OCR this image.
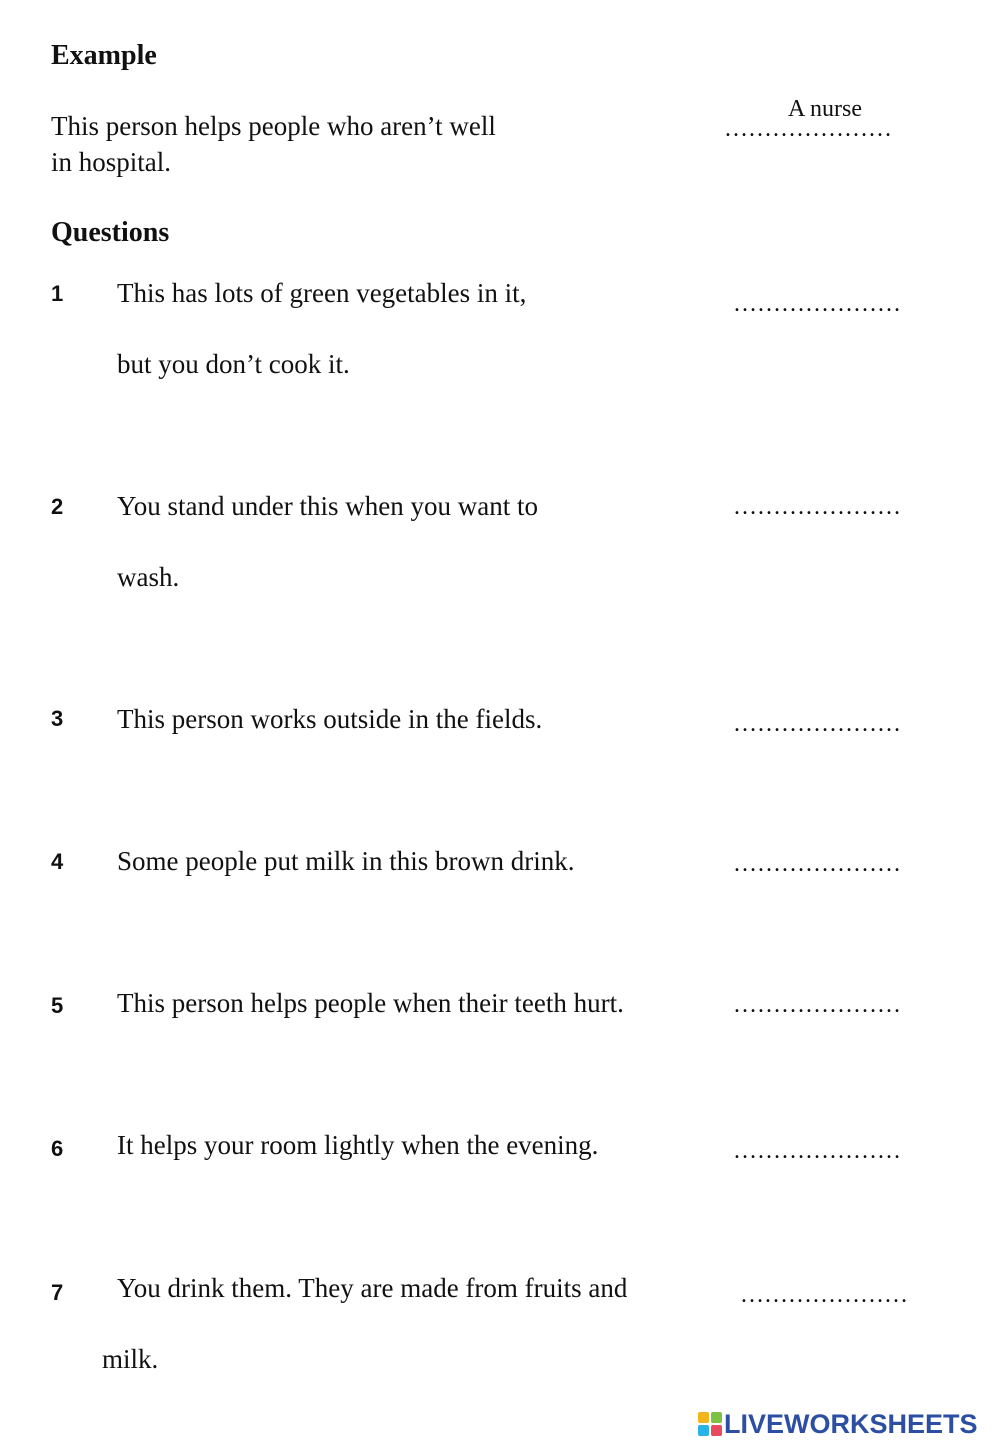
Example
This person helps people who aren’t well
in hospital.
A nurse
…………………
Questions
1 This has lots of green vegetables in it,
but you don’t cook it.
…………………
2 You stand under this when you want to
wash.
…………………
3 This person works outside in the fields.	…………………
4 Some people put milk in this brown drink.	…………………
5 This person helps people when their teeth hurt.	…………………
6 It helps your room lightly when the evening.	…………………
7 You drink them. They are made from fruits and
milk.
…………………
LIVEWORKSHEETS
